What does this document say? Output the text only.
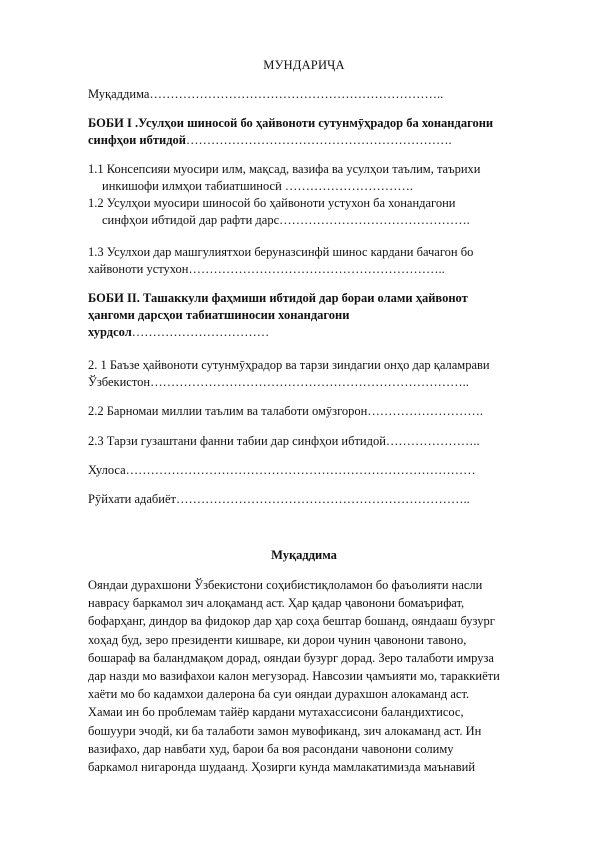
МУНДАРИҶА
Муқаддима……………………………………………………………..
БОБИ I .Усулҳои шиносой бо ҳайвоноти сутунмӯҳрадор ба хонандагони
синфҳои ибтидой……………………………………………………….
1.1 Консепсияи муосири илм, мақсад, вазифа ва усулҳои таълим, таърихи
инкишофи илмҳои табиатшиносӣ ………………………….
1.2 Усулҳои муосири шиносой бо ҳайвоноти устухон ба хонандагони
синфҳои ибтидой дар рафти дарс……………………………………….
1.3 Усулхои дар машгулиятхои беруназсинфй шинос кардани бачагон бо
хайвоноти устухон……………………………………………………..
БОБИ II. Ташаккули фаҳмиши ибтидой дар бораи олами ҳайвонот
ҳангоми дарсҳои табиатшиносии хонандагони
хурдсол……………………………
2. 1 Баъзе ҳайвоноти сутунмӯҳрадор ва тарзи зиндагии онҳо дар қаламрави
Ўзбекистон…………………………………………………………………..
2.2 Барномаи миллии таълим ва талаботи омӯзгорон……………………….
2.3 Тарзи гузаштани фанни табии дар синфҳои ибтидой…………………..
Хулоса…………………………………………………………………………
Рӯйхати адабиёт……………………………………………………………..
Муқаддима
Ояндаи дурахшони Ўзбекистони соҳибистиқлоламон бо фаъолияти насли
наврасу баркамол зич алоқаманд аст. Ҳар қадар ҷавонони бомаърифат,
бофарҳанг, диндор ва фидокор дар ҳар соҳа бештар бошанд, ояндааш бузург
хоҳад буд, зеро президенти кишваре, ки дорои чунин ҷавонони тавоно,
бошараф ва баландмақом дорад, ояндаи бузург дорад. Зеро талаботи имруза
дар назди мо вазифахои калон мегузорад. Навсозии ҷамъияти мо, тараккиёти
хаёти мо бо кадамхои далерона ба суи ояндаи дурахшон алокаманд аст.
Хамаи ин бо проблемам тайёр кардани мутахассисони баландихтисос,
бошуури эчодй, ки ба талаботи замон мувофиканд, зич алокаманд аст. Ин
вазифахо, дар навбати худ, барои ба воя расондани чавонони солиму
баркамол нигаронда шудаанд. Ҳозирги кунда мамлакатимизда маънавий
